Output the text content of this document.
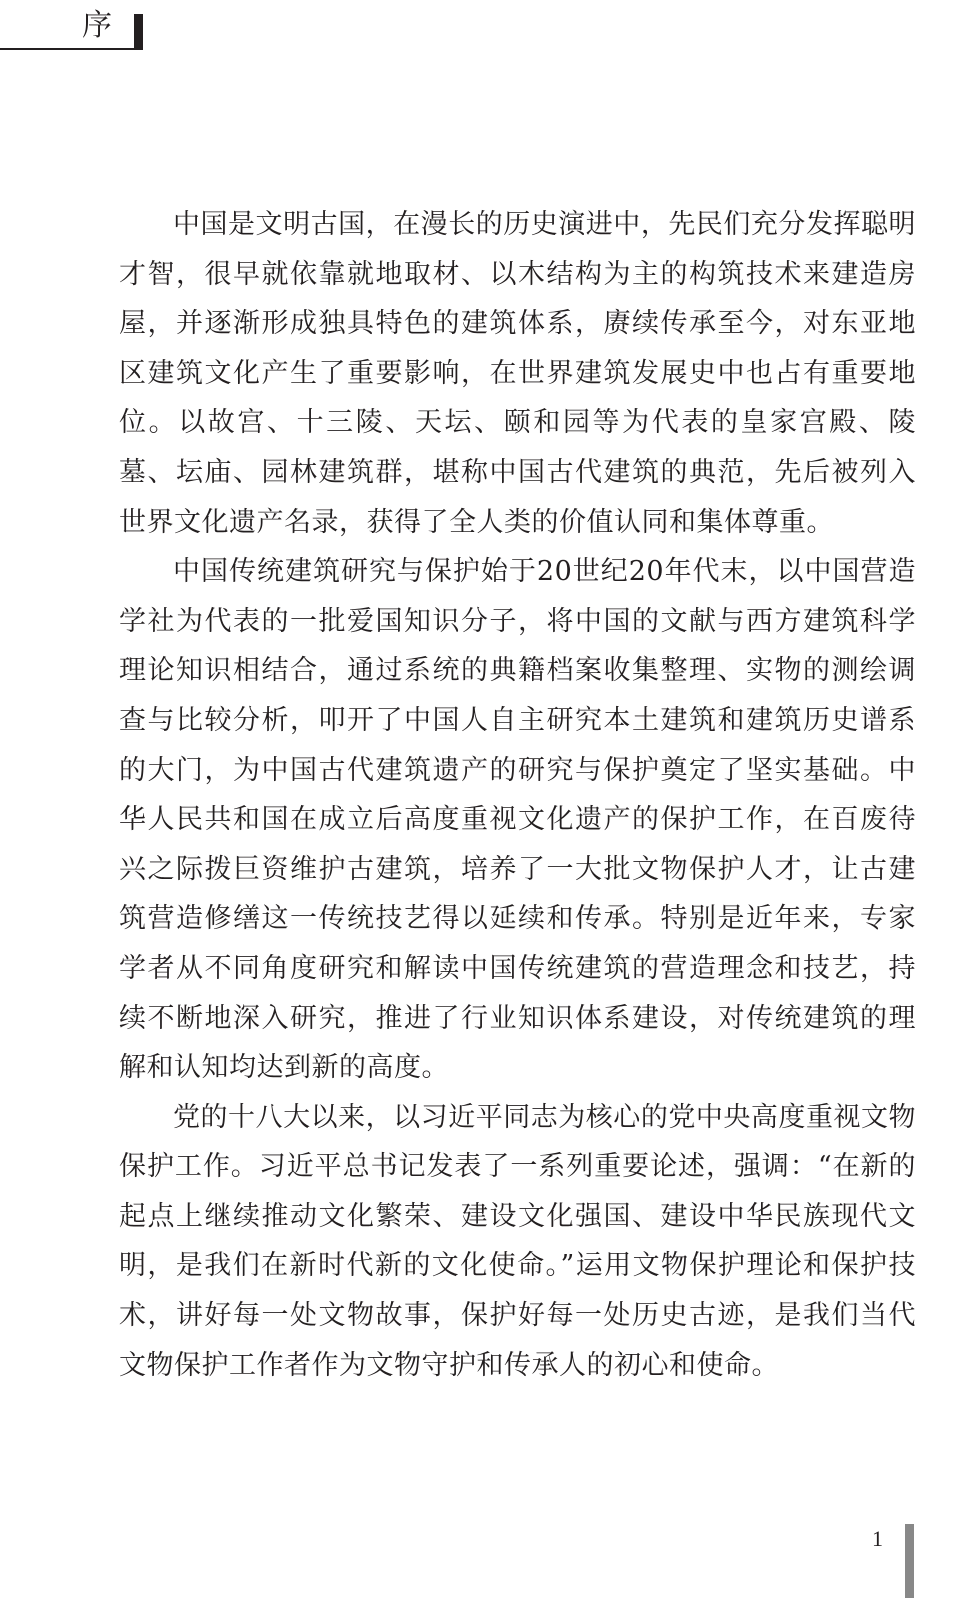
序

中国是文明古国，在漫长的历史演进中，先民们充分发挥聪明才智，很早就依靠就地取材、以木结构为主的构筑技术来建造房屋，并逐渐形成独具特色的建筑体系，赓续传承至今，对东亚地区建筑文化产生了重要影响，在世界建筑发展史中也占有重要地位。以故宫、十三陵、天坛、颐和园等为代表的皇家宫殿、陵墓、坛庙、园林建筑群，堪称中国古代建筑的典范，先后被列入世界文化遗产名录，获得了全人类的价值认同和集体尊重。

中国传统建筑研究与保护始于20世纪20年代末，以中国营造学社为代表的一批爱国知识分子，将中国的文献与西方建筑科学理论知识相结合，通过系统的典籍档案收集整理、实物的测绘调查与比较分析，叩开了中国人自主研究本土建筑和建筑历史谱系的大门，为中国古代建筑遗产的研究与保护奠定了坚实基础。中华人民共和国在成立后高度重视文化遗产的保护工作，在百废待兴之际拨巨资维护古建筑，培养了一大批文物保护人才，让古建筑营造修缮这一传统技艺得以延续和传承。特别是近年来，专家学者从不同角度研究和解读中国传统建筑的营造理念和技艺，持续不断地深入研究，推进了行业知识体系建设，对传统建筑的理解和认知均达到新的高度。

党的十八大以来，以习近平同志为核心的党中央高度重视文物保护工作。习近平总书记发表了一系列重要论述，强调：“在新的起点上继续推动文化繁荣、建设文化强国、建设中华民族现代文明，是我们在新时代新的文化使命。”运用文物保护理论和保护技术，讲好每一处文物故事，保护好每一处历史古迹，是我们当代文物保护工作者作为文物守护和传承人的初心和使命。

1
